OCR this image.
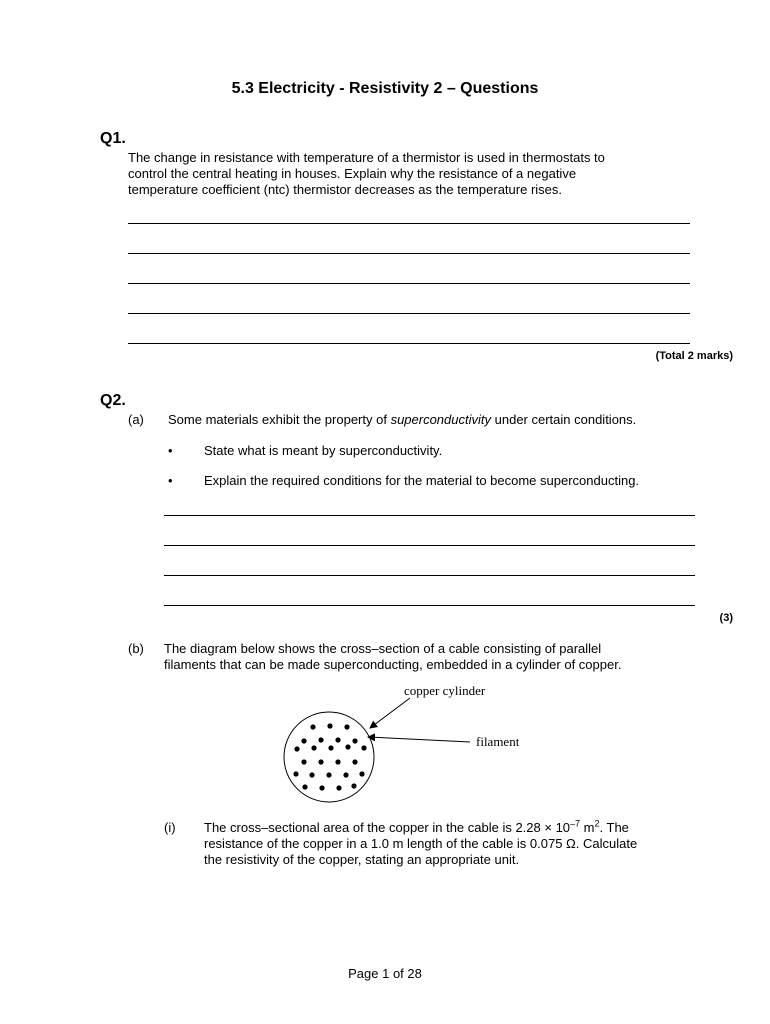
5.3 Electricity - Resistivity 2 – Questions
Q1.
The change in resistance with temperature of a thermistor is used in thermostats to
control the central heating in houses. Explain why the resistance of a negative
temperature coefficient (ntc) thermistor decreases as the temperature rises.
(Total 2 marks)
Q2.
(a) Some materials exhibit the property of superconductivity under certain conditions.
• State what is meant by superconductivity.
• Explain the required conditions for the material to become superconducting.
(3)
(b) The diagram below shows the cross–section of a cable consisting of parallel
filaments that can be made superconducting, embedded in a cylinder of copper.
copper cylinder
filament
(i) The cross–sectional area of the copper in the cable is $2.28 \times 10^{-7}$ $m^2$. The
resistance of the copper in a 1.0 m length of the cable is 0.075 Ω. Calculate
the resistivity of the copper, stating an appropriate unit.
Page 1 of 28
